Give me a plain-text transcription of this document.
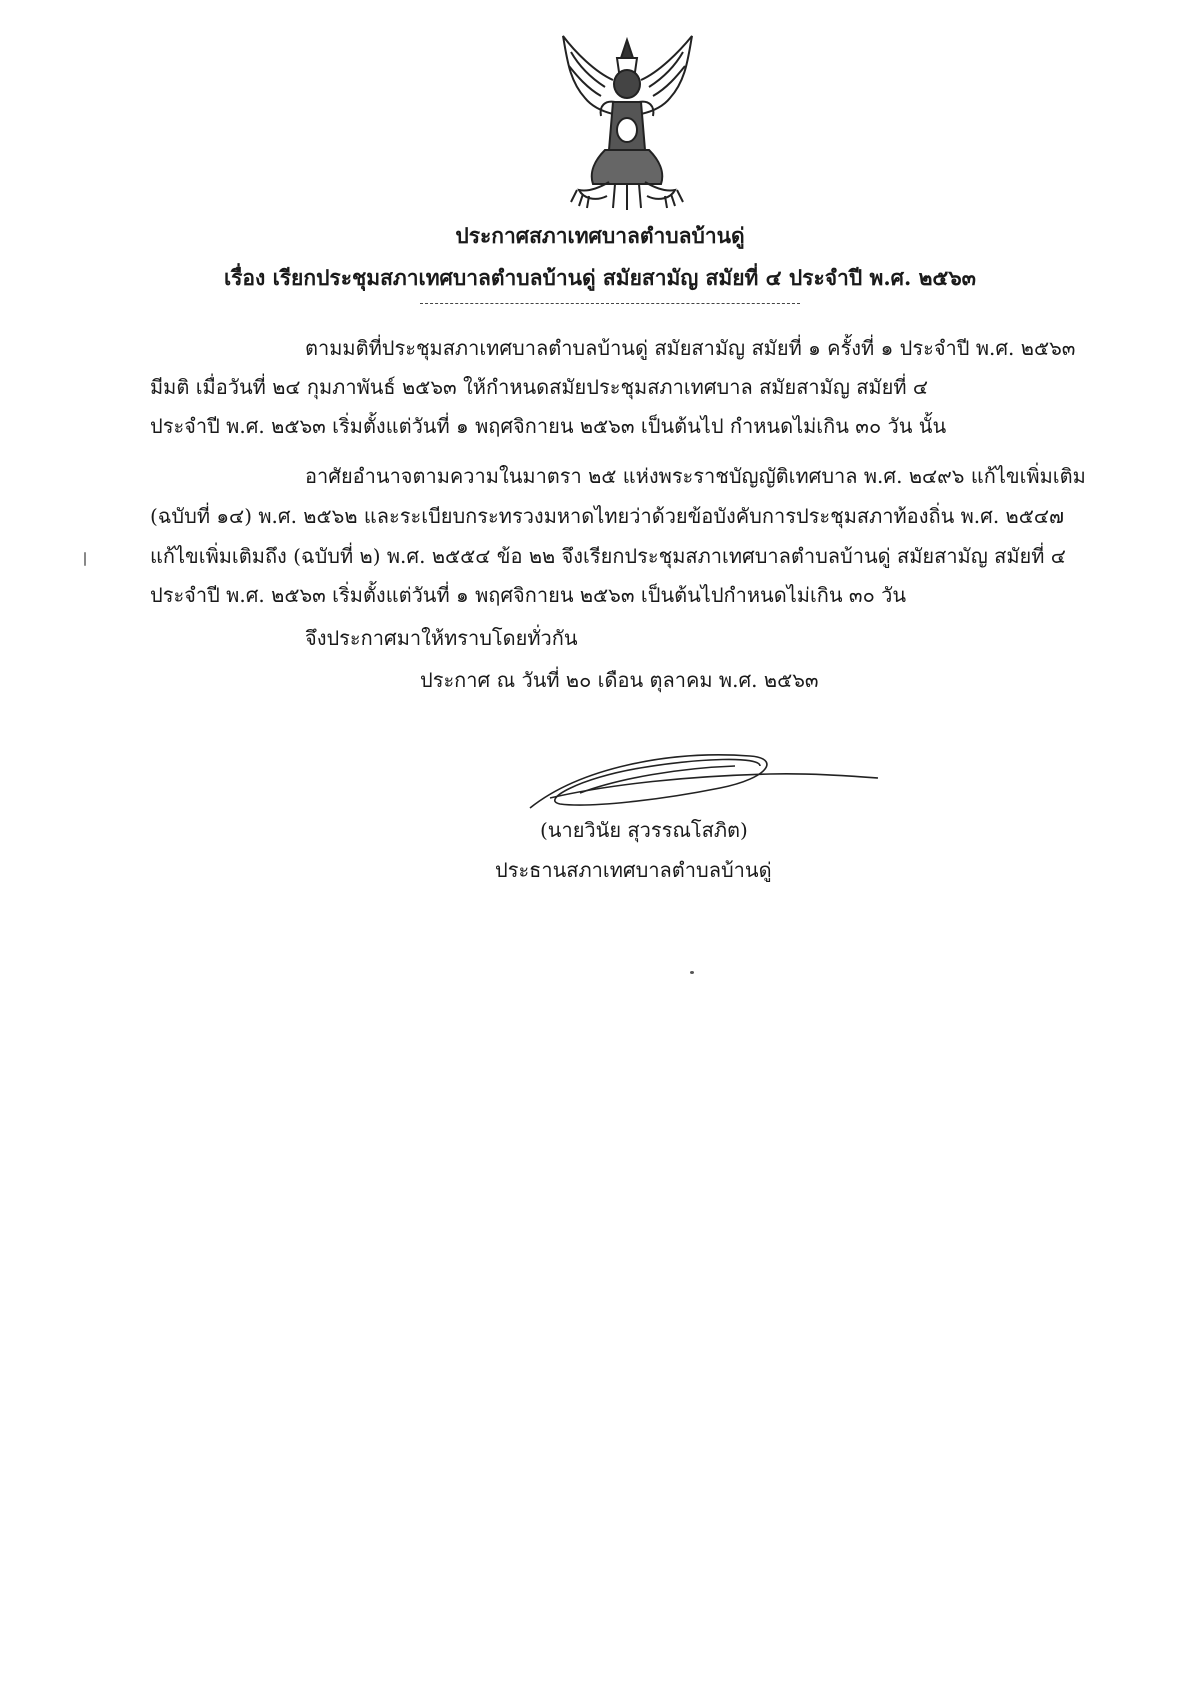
ประกาศสภาเทศบาลตำบลบ้านดู่
เรื่อง เรียกประชุมสภาเทศบาลตำบลบ้านดู่ สมัยสามัญ สมัยที่ ๔ ประจำปี พ.ศ. ๒๕๖๓
ตามมติที่ประชุมสภาเทศบาลตำบลบ้านดู่ สมัยสามัญ สมัยที่ ๑ ครั้งที่ ๑ ประจำปี พ.ศ. ๒๕๖๓
มีมติ เมื่อวันที่ ๒๔ กุมภาพันธ์ ๒๕๖๓ ให้กำหนดสมัยประชุมสภาเทศบาล สมัยสามัญ สมัยที่ ๔
ประจำปี พ.ศ. ๒๕๖๓ เริ่มตั้งแต่วันที่ ๑ พฤศจิกายน ๒๕๖๓ เป็นต้นไป กำหนดไม่เกิน ๓๐ วัน นั้น
อาศัยอำนาจตามความในมาตรา ๒๕ แห่งพระราชบัญญัติเทศบาล พ.ศ. ๒๔๙๖ แก้ไขเพิ่มเติม
(ฉบับที่ ๑๔) พ.ศ. ๒๕๖๒ และระเบียบกระทรวงมหาดไทยว่าด้วยข้อบังคับการประชุมสภาท้องถิ่น พ.ศ. ๒๕๔๗
แก้ไขเพิ่มเติมถึง (ฉบับที่ ๒) พ.ศ. ๒๕๕๔ ข้อ ๒๒ จึงเรียกประชุมสภาเทศบาลตำบลบ้านดู่ สมัยสามัญ สมัยที่ ๔
ประจำปี พ.ศ. ๒๕๖๓ เริ่มตั้งแต่วันที่ ๑ พฤศจิกายน ๒๕๖๓ เป็นต้นไปกำหนดไม่เกิน ๓๐ วัน
จึงประกาศมาให้ทราบโดยทั่วกัน
ประกาศ ณ วันที่ ๒๐ เดือน ตุลาคม พ.ศ. ๒๕๖๓
(นายวินัย สุวรรณโสภิต)
ประธานสภาเทศบาลตำบลบ้านดู่
